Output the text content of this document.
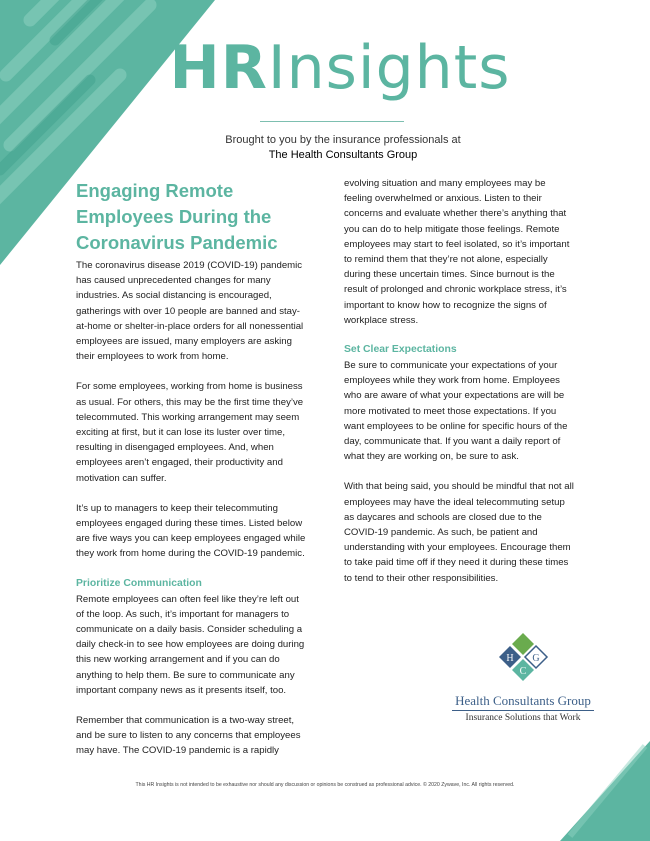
HRInsights
Brought to you by the insurance professionals at
The Health Consultants Group
Engaging Remote Employees During the Coronavirus Pandemic

The coronavirus disease 2019 (COVID-19) pandemic has caused unprecedented changes for many industries. As social distancing is encouraged, gatherings with over 10 people are banned and stay-at-home or shelter-in-place orders for all nonessential employees are issued, many employers are asking their employees to work from home.

For some employees, working from home is business as usual. For others, this may be the first time they’ve telecommuted. This working arrangement may seem exciting at first, but it can lose its luster over time, resulting in disengaged employees. And, when employees aren’t engaged, their productivity and motivation can suffer.

It’s up to managers to keep their telecommuting employees engaged during these times. Listed below are five ways you can keep employees engaged while they work from home during the COVID-19 pandemic.

Prioritize Communication

Remote employees can often feel like they’re left out of the loop. As such, it’s important for managers to communicate on a daily basis. Consider scheduling a daily check-in to see how employees are doing during this new working arrangement and if you can do anything to help them. Be sure to communicate any important company news as it presents itself, too.

Remember that communication is a two-way street, and be sure to listen to any concerns that employees may have. The COVID-19 pandemic is a rapidly

evolving situation and many employees may be feeling overwhelmed or anxious. Listen to their concerns and evaluate whether there’s anything that you can do to help mitigate those feelings. Remote employees may start to feel isolated, so it’s important to remind them that they’re not alone, especially during these uncertain times. Since burnout is the result of prolonged and chronic workplace stress, it’s important to know how to recognize the signs of workplace stress.

Set Clear Expectations

Be sure to communicate your expectations of your employees while they work from home. Employees who are aware of what your expectations are will be more motivated to meet those expectations. If you want employees to be online for specific hours of the day, communicate that. If you want a daily report of what they are working on, be sure to ask.

With that being said, you should be mindful that not all employees may have the ideal telecommuting setup as daycares and schools are closed due to the COVID-19 pandemic. As such, be patient and understanding with your employees. Encourage them to take paid time off if they need it during these times to tend to their other responsibilities.

H G
C
Health Consultants Group
Insurance Solutions that Work
This HR Insights is not intended to be exhaustive nor should any discussion or opinions be construed as professional advice. © 2020 Zywave, Inc. All rights reserved.
